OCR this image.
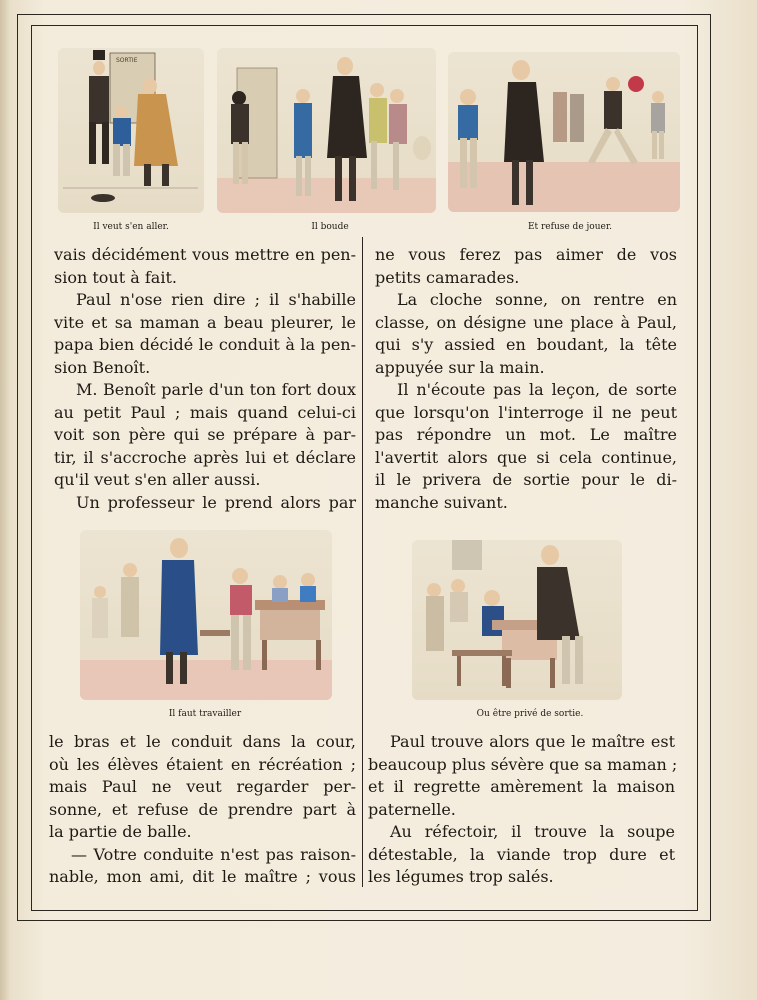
SORTIE
Il veut s'en aller.	Il boude	Et refuse de jouer.
vais décidément vous mettre en pen-
sion tout à fait.
Paul n'ose rien dire ; il s'habille
vite et sa maman a beau pleurer, le
papa bien décidé le conduit à la pen-
sion Benoît.
M. Benoît parle d'un ton fort doux
au petit Paul ; mais quand celui-ci
voit son père qui se prépare à par-
tir, il s'accroche après lui et déclare
qu'il veut s'en aller aussi.
Un professeur le prend alors par
ne vous ferez pas aimer de vos
petits camarades.
La cloche sonne, on rentre en
classe, on désigne une place à Paul,
qui s'y assied en boudant, la tête
appuyée sur la main.
Il n'écoute pas la leçon, de sorte
que lorsqu'on l'interroge il ne peut
pas répondre un mot. Le maître
l'avertit alors que si cela continue,
il le privera de sortie pour le di-
manche suivant.
Il faut travailler	Ou être privé de sortie.
le bras et le conduit dans la cour,
où les élèves étaient en récréation ;
mais Paul ne veut regarder per-
sonne, et refuse de prendre part à
la partie de balle.
— Votre conduite n'est pas raison-
nable, mon ami, dit le maître ; vous
Paul trouve alors que le maître est
beaucoup plus sévère que sa maman ;
et il regrette amèrement la maison
paternelle.
Au réfectoir, il trouve la soupe
détestable, la viande trop dure et
les légumes trop salés.
